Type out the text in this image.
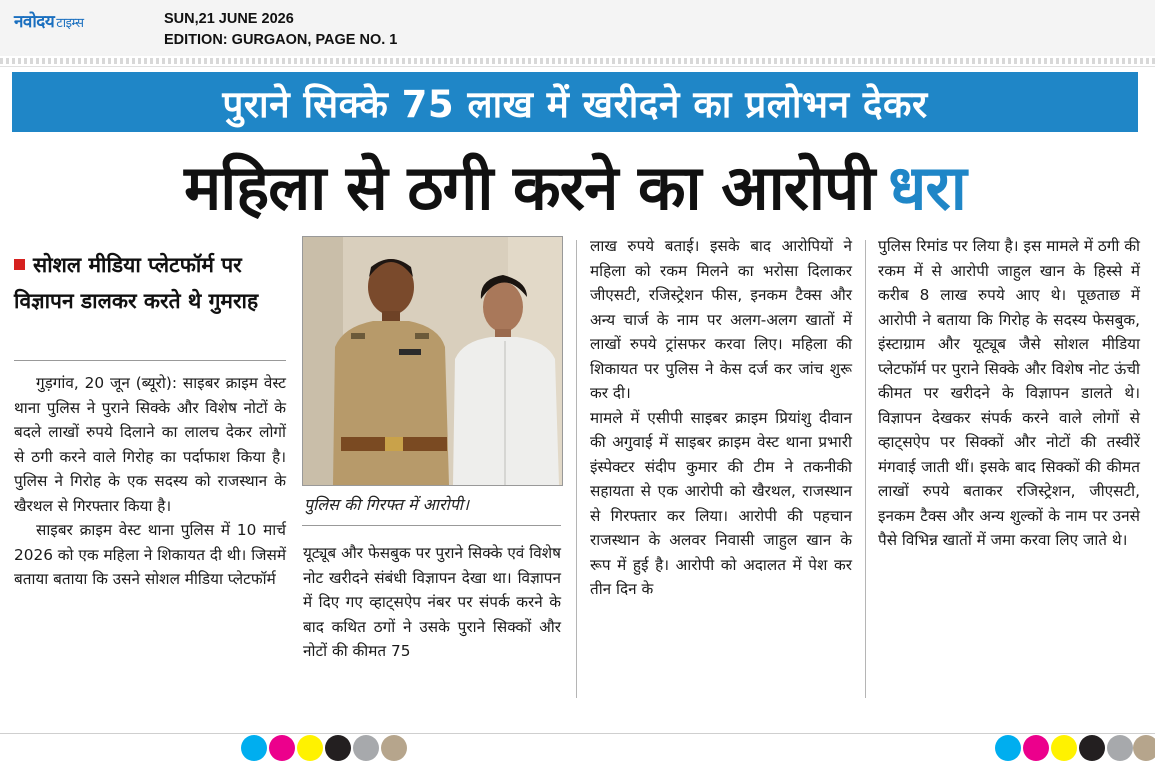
नवोदय टाइम्स	SUN,21 JUNE 2026
EDITION: GURGAON, PAGE NO. 1
पुराने सिक्के 75 लाख में खरीदने का प्रलोभन देकर
महिला से ठगी करने का आरोपी धरा
सोशल मीडिया प्लेटफॉर्म पर विज्ञापन डालकर करते थे गुमराह

गुड़गांव, 20 जून (ब्यूरो): साइबर क्राइम वेस्ट थाना पुलिस ने पुराने सिक्के और विशेष नोटों के बदले लाखों रुपये दिलाने का लालच देकर लोगों से ठगी करने वाले गिरोह का पर्दाफाश किया है। पुलिस ने गिरोह के एक सदस्य को राजस्थान के खैरथल से गिरफ्तार किया है।

साइबर क्राइम वेस्ट थाना पुलिस में 10 मार्च 2026 को एक महिला ने शिकायत दी थी। जिसमें बताया बताया कि उसने सोशल मीडिया प्लेटफॉर्म

पुलिस की गिरफ्त में आरोपी।

यूट्यूब और फेसबुक पर पुराने सिक्के एवं विशेष नोट खरीदने संबंधी विज्ञापन देखा था। विज्ञापन में दिए गए व्हाट्सऐप नंबर पर संपर्क करने के बाद कथित ठगों ने उसके पुराने सिक्कों और नोटों की कीमत 75

लाख रुपये बताई। इसके बाद आरोपियों ने महिला को रकम मिलने का भरोसा दिलाकर जीएसटी, रजिस्ट्रेशन फीस, इनकम टैक्स और अन्य चार्ज के नाम पर अलग-अलग खातों में लाखों रुपये ट्रांसफर करवा लिए। महिला की शिकायत पर पुलिस ने केस दर्ज कर जांच शुरू कर दी।

मामले में एसीपी साइबर क्राइम प्रियांशु दीवान की अगुवाई में साइबर क्राइम वेस्ट थाना प्रभारी इंस्पेक्टर संदीप कुमार की टीम ने तकनीकी सहायता से एक आरोपी को खैरथल, राजस्थान से गिरफ्तार कर लिया। आरोपी की पहचान राजस्थान के अलवर निवासी जाहुल खान के रूप में हुई है। आरोपी को अदालत में पेश कर तीन दिन के

पुलिस रिमांड पर लिया है। इस मामले में ठगी की रकम में से आरोपी जाहुल खान के हिस्से में करीब 8 लाख रुपये आए थे। पूछताछ में आरोपी ने बताया कि गिरोह के सदस्य फेसबुक, इंस्टाग्राम और यूट्यूब जैसे सोशल मीडिया प्लेटफॉर्म पर पुराने सिक्के और विशेष नोट ऊंची कीमत पर खरीदने के विज्ञापन डालते थे। विज्ञापन देखकर संपर्क करने वाले लोगों से व्हाट्सऐप पर सिक्कों और नोटों की तस्वीरें मंगवाई जाती थीं। इसके बाद सिक्कों की कीमत लाखों रुपये बताकर रजिस्ट्रेशन, जीएसटी, इनकम टैक्स और अन्य शुल्कों के नाम पर उनसे पैसे विभिन्न खातों में जमा करवा लिए जाते थे।
